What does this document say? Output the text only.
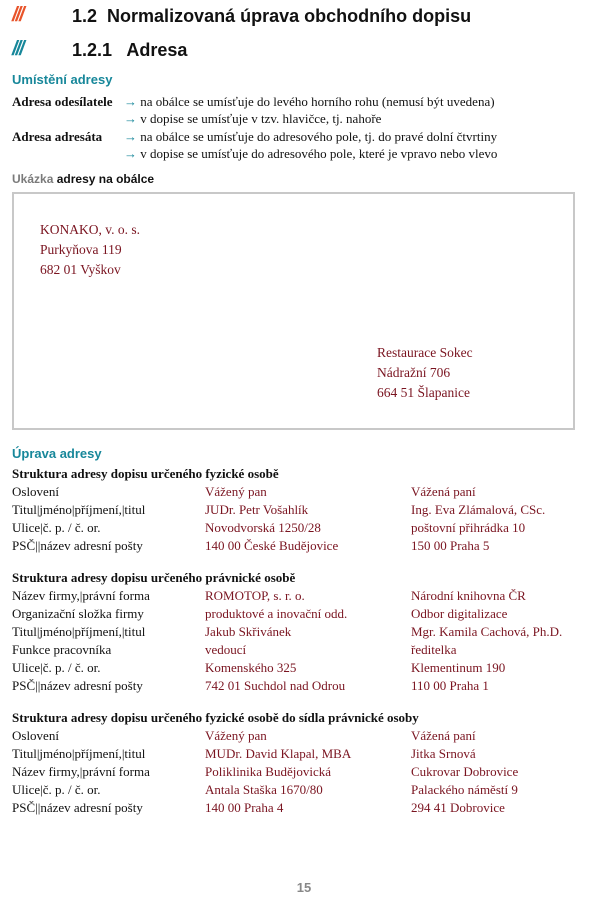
///	1.2 Normalizovaná úprava obchodního dopisu
///	1.2.1 Adresa
Umístění adresy
Adresa odesílatele → na obálce se umísťuje do levého horního rohu (nemusí být uvedena)
→ v dopise se umísťuje v tzv. hlavičce, tj. nahoře
Adresa adresáta → na obálce se umísťuje do adresového pole, tj. do pravé dolní čtvrtiny
→ v dopise se umísťuje do adresového pole, které je vpravo nebo vlevo
Ukázka adresy na obálce
KONAKO, v. o. s.
Purkyňova 119
682 01 Vyškov
Restaurace Sokec
Nádražní 706
664 51 Šlapanice
Úprava adresy
Struktura adresy dopisu určeného fyzické osobě
Oslovení	Vážený pan	Vážená paní
Titul|jméno|příjmení,|titul	JUDr. Petr Vošahlík	Ing. Eva Zlámalová, CSc.
Ulice|č. p. / č. or.	Novodvorská 1250/28	poštovní přihrádka 10
PSČ||název adresní pošty	140 00 České Budějovice	150 00 Praha 5
Struktura adresy dopisu určeného právnické osobě
Název firmy,|právní forma	ROMOTOP, s. r. o.	Národní knihovna ČR
Organizační složka firmy	produktové a inovační odd.	Odbor digitalizace
Titul|jméno|příjmení,|titul	Jakub Skřivánek	Mgr. Kamila Cachová, Ph.D.
Funkce pracovníka	vedoucí	ředitelka
Ulice|č. p. / č. or.	Komenského 325	Klementinum 190
PSČ||název adresní pošty	742 01 Suchdol nad Odrou	110 00 Praha 1
Struktura adresy dopisu určeného fyzické osobě do sídla právnické osoby
Oslovení	Vážený pan	Vážená paní
Titul|jméno|příjmení,|titul	MUDr. David Klapal, MBA	Jitka Srnová
Název firmy,|právní forma	Poliklinika Budějovická	Cukrovar Dobrovice
Ulice|č. p. / č. or.	Antala Staška 1670/80	Palackého náměstí 9
PSČ||název adresní pošty	140 00 Praha 4	294 41 Dobrovice
15
